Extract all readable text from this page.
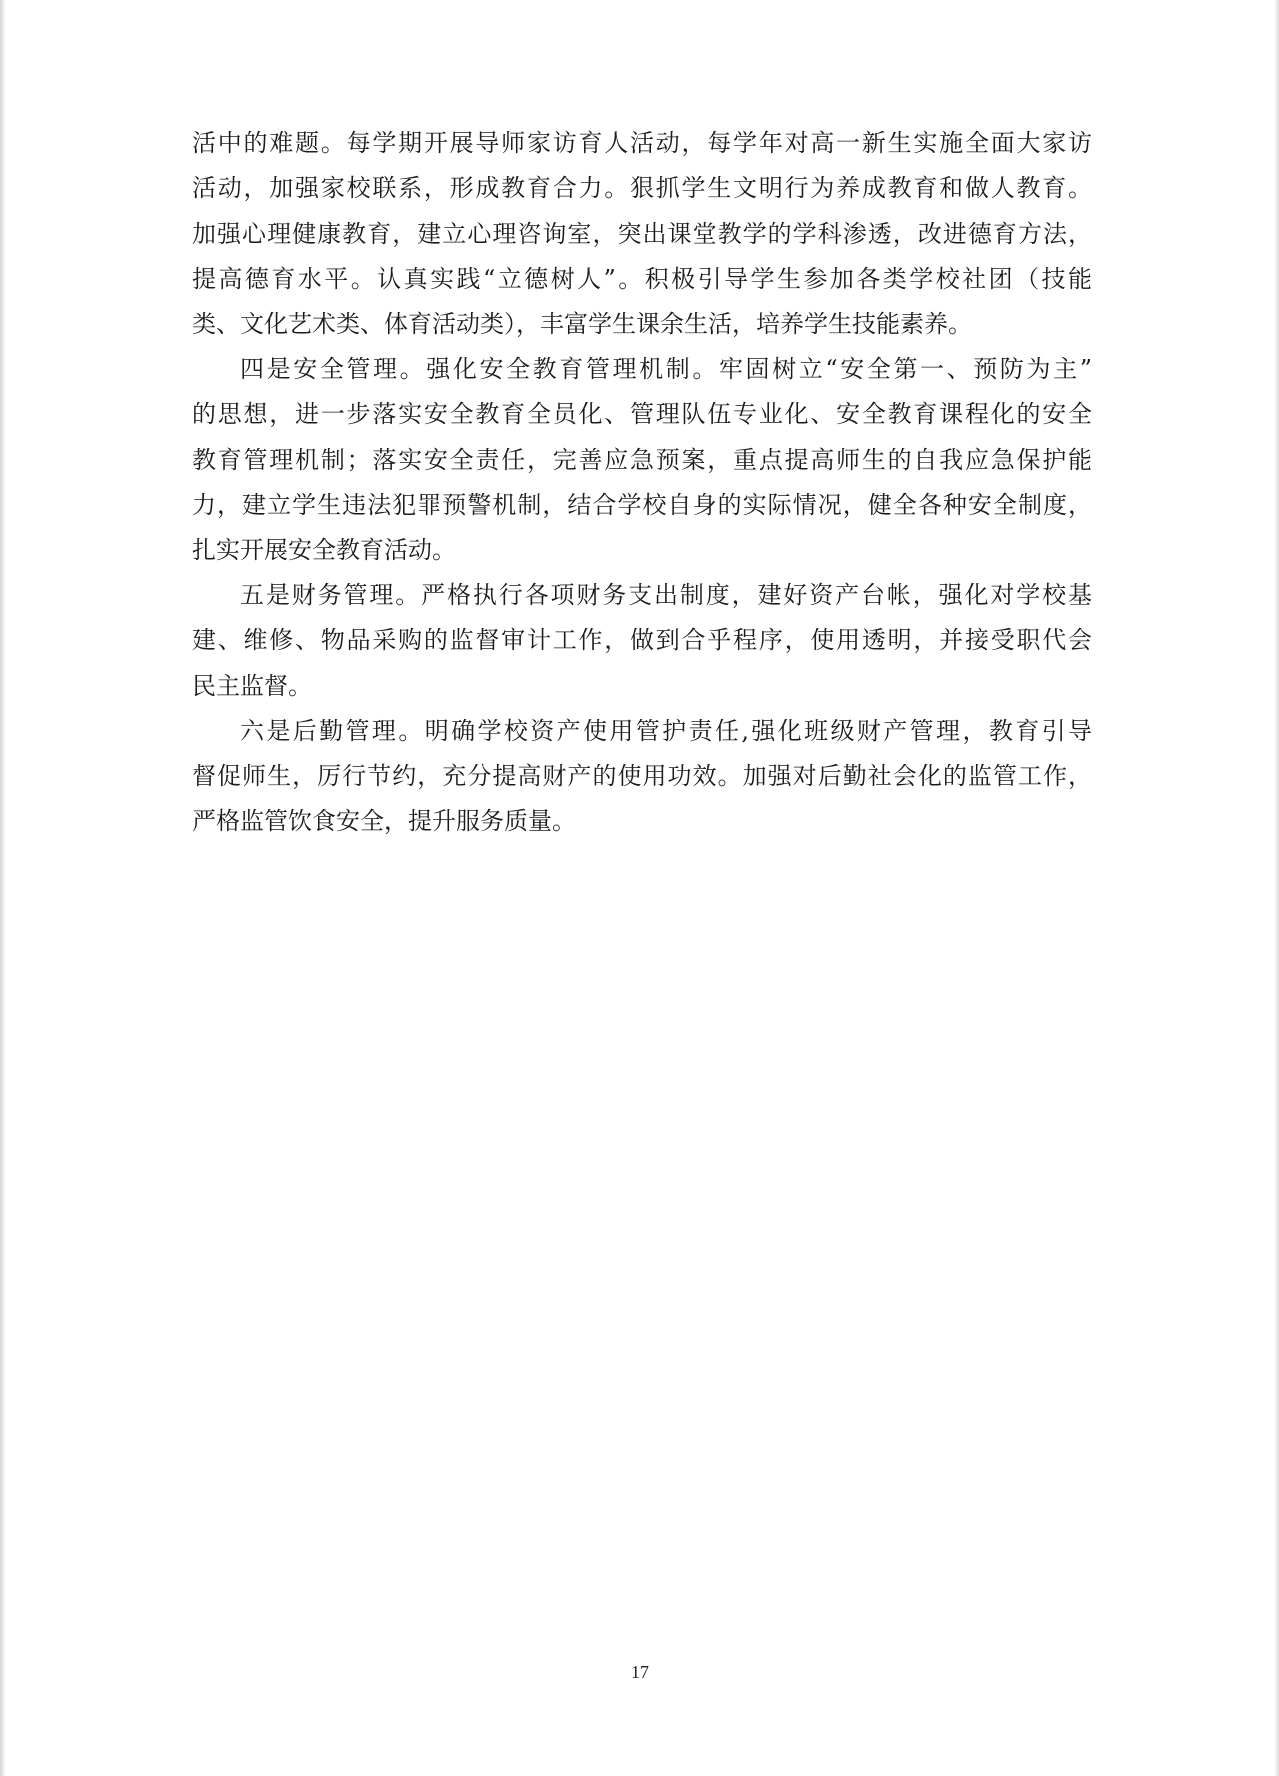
活中的难题。每学期开展导师家访育人活动，每学年对高一新生实施全面大家访
活动，加强家校联系，形成教育合力。狠抓学生文明行为养成教育和做人教育。
加强心理健康教育，建立心理咨询室，突出课堂教学的学科渗透，改进德育方法，
提高德育水平。认真实践“立德树人”。积极引导学生参加各类学校社团（技能
类、文化艺术类、体育活动类），丰富学生课余生活，培养学生技能素养。
四是安全管理。强化安全教育管理机制。牢固树立“安全第一、预防为主”
的思想，进一步落实安全教育全员化、管理队伍专业化、安全教育课程化的安全
教育管理机制；落实安全责任，完善应急预案，重点提高师生的自我应急保护能
力，建立学生违法犯罪预警机制，结合学校自身的实际情况，健全各种安全制度，
扎实开展安全教育活动。
五是财务管理。严格执行各项财务支出制度，建好资产台帐，强化对学校基
建、维修、物品采购的监督审计工作，做到合乎程序，使用透明，并接受职代会
民主监督。
六是后勤管理。明确学校资产使用管护责任,强化班级财产管理，教育引导
督促师生，厉行节约，充分提高财产的使用功效。加强对后勤社会化的监管工作，
严格监管饮食安全，提升服务质量。
17
